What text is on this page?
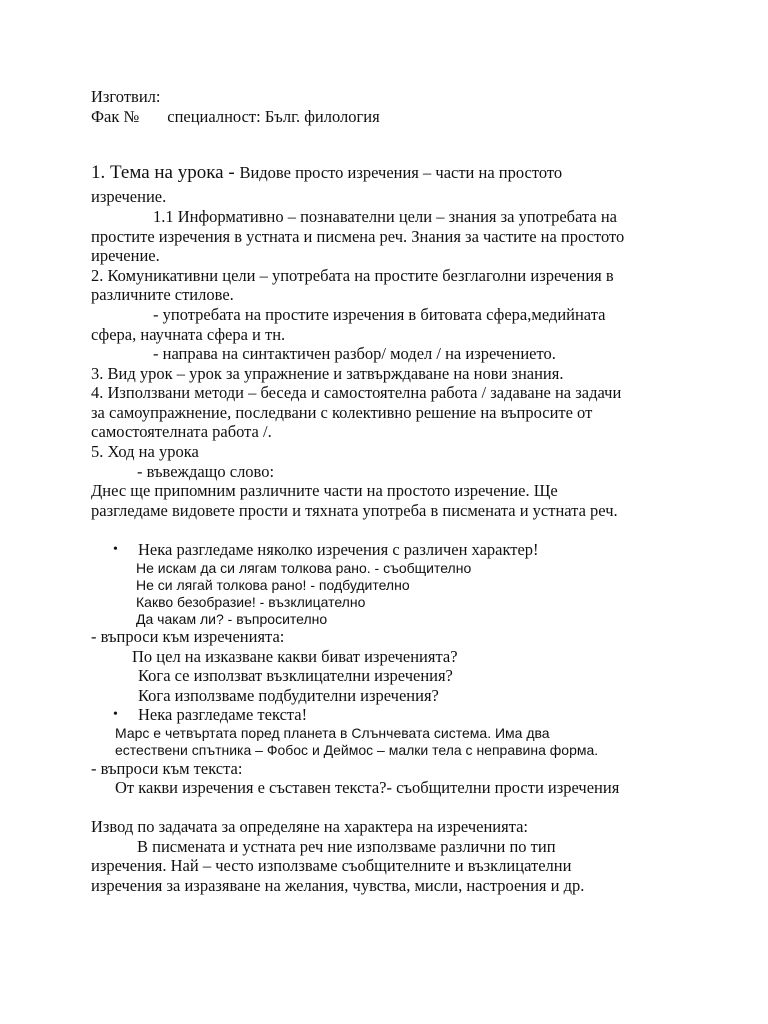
Изготвил:
Фак № специалност: Бълг. филология
1. Тема на урока - Видове просто изречения – части на простото
изречение.
1.1 Информативно – познавателни цели – знания за употребата на
простите изречения в устната и писмена реч. Знания за частите на простото
иречение.
2. Комуникативни цели – употребата на простите безглаголни изречения в
различните стилове.
- употребата на простите изречения в битовата сфера,медийната
сфера, научната сфера и тн.
- направа на синтактичен разбор/ модел / на изречението.
3. Вид урок – урок за упражнение и затвърждаване на нови знания.
4. Използвани методи – беседа и самостоятелна работа / задаване на задачи
за самоупражнение, последвани с колективно решение на въпросите от
самостоятелната работа /.
5. Ход на урока
- въвеждащо слово:
Днес ще припомним различните части на простото изречение. Ще
разгледаме видовете прости и тяхната употреба в писмената и устната реч.
• Нека разгледаме няколко изречения с различен характер!
Не искам да си лягам толкова рано. - съобщително
Не си лягай толкова рано! - подбудително
Какво безобразие! - възклицателно
Да чакам ли? - въпросително
- въпроси към изреченията:
По цел на изказване какви биват изреченията?
Кога се използват възклицателни изречения?
Кога използваме подбудителни изречения?
• Нека разгледаме текста!
Марс е четвъртата поред планета в Слънчевата система. Има два
естествени спътника – Фобос и Деймос – малки тела с неправина форма.
- въпроси към текста:
От какви изречения е съставен текста?- съобщителни прости изречения
Извод по задачата за определяне на характера на изреченията:
В писмената и устната реч ние използваме различни по тип
изречения. Най – често използваме съобщителните и възклицателни
изречения за изразяване на желания, чувства, мисли, настроения и др.
